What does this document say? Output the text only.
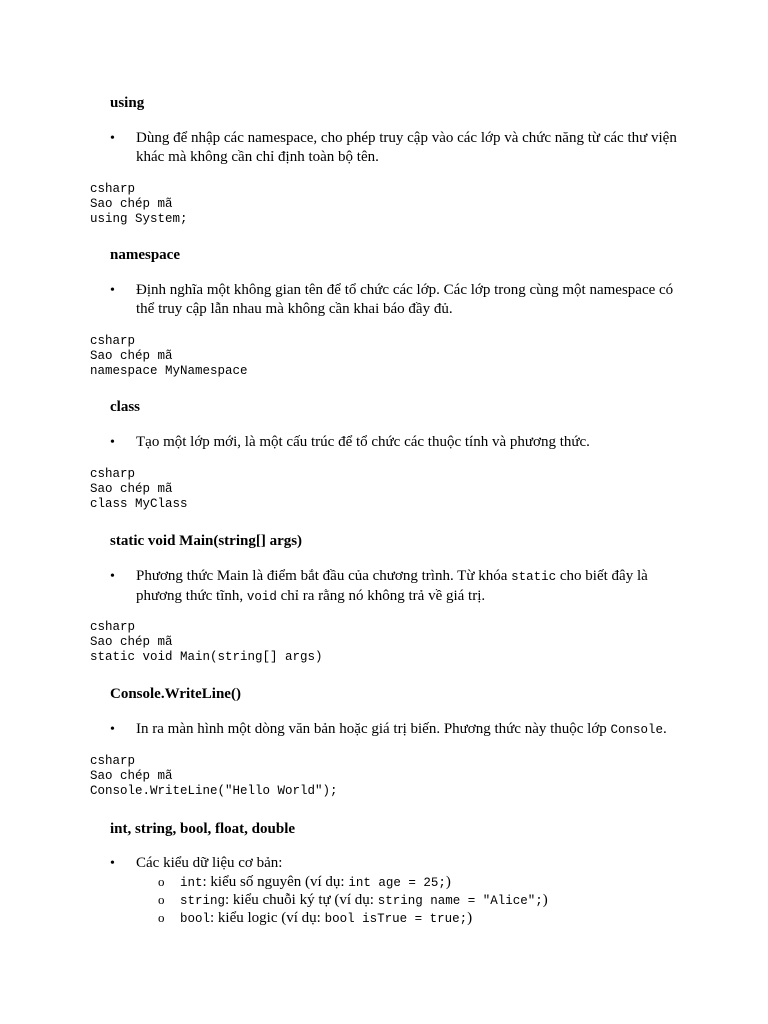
using
•	Dùng để nhập các namespace, cho phép truy cập vào các lớp và chức năng từ các thư viện khác mà không cần chỉ định toàn bộ tên.
csharp
Sao chép mã
using System;
namespace
•	Định nghĩa một không gian tên để tổ chức các lớp. Các lớp trong cùng một namespace có thể truy cập lẫn nhau mà không cần khai báo đầy đủ.
csharp
Sao chép mã
namespace MyNamespace
class
•	Tạo một lớp mới, là một cấu trúc để tổ chức các thuộc tính và phương thức.
csharp
Sao chép mã
class MyClass
static void Main(string[] args)
•	Phương thức Main là điểm bắt đầu của chương trình. Từ khóa static cho biết đây là phương thức tĩnh, void chỉ ra rằng nó không trả về giá trị.
csharp
Sao chép mã
static void Main(string[] args)
Console.WriteLine()
•	In ra màn hình một dòng văn bản hoặc giá trị biến. Phương thức này thuộc lớp Console.
csharp
Sao chép mã
Console.WriteLine("Hello World");
int, string, bool, float, double
•	Các kiểu dữ liệu cơ bản:
o int: kiểu số nguyên (ví dụ: int age = 25;)
o string: kiểu chuỗi ký tự (ví dụ: string name = "Alice";)
o bool: kiểu logic (ví dụ: bool isTrue = true;)
